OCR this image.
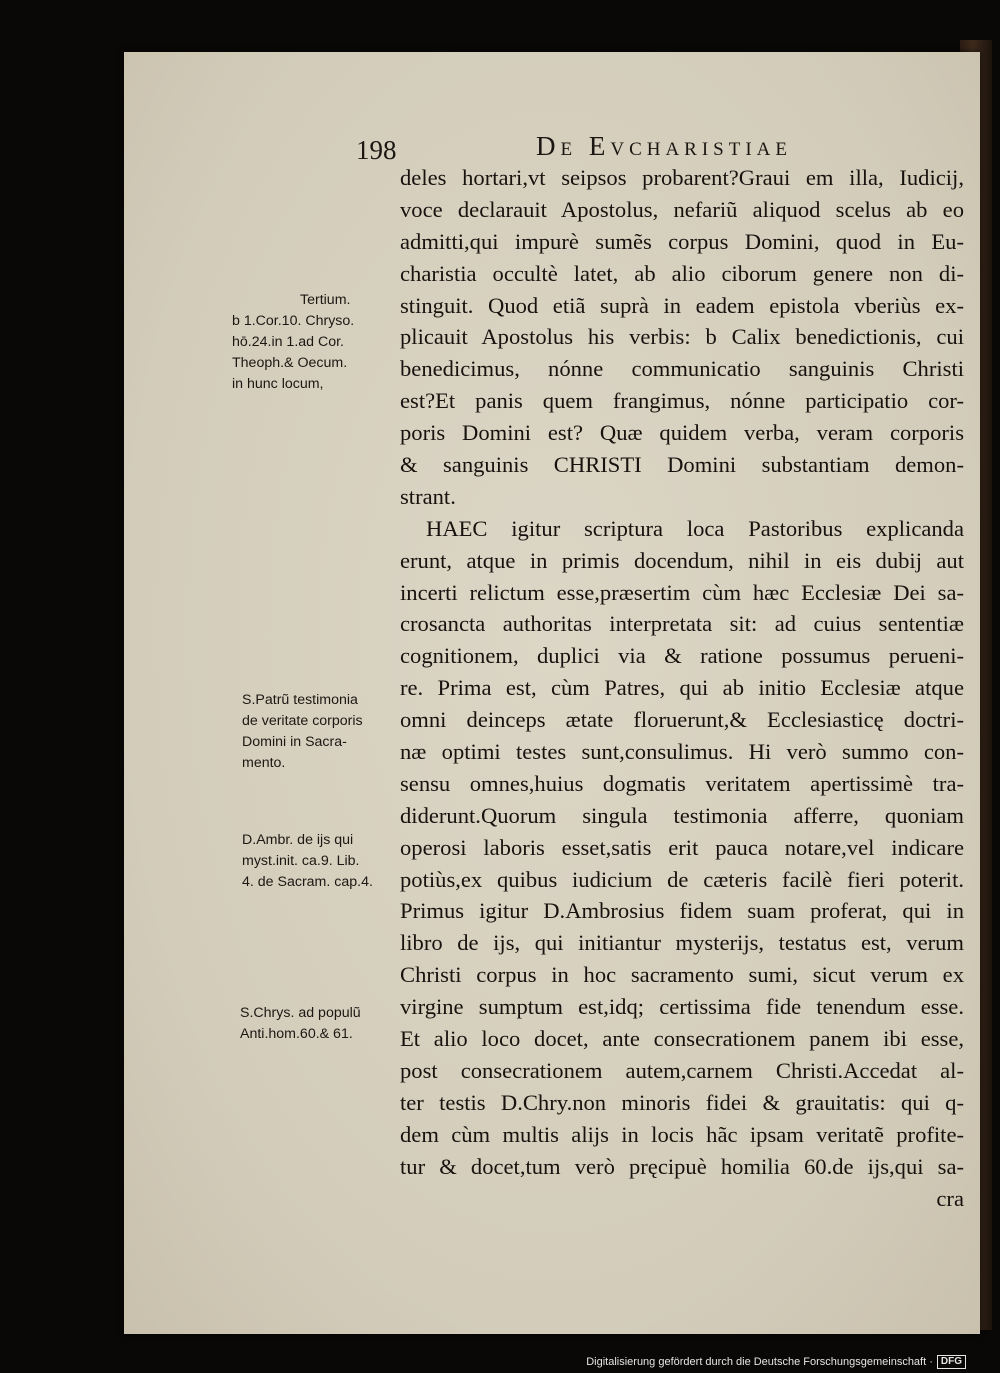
198	De Evcharistiae
deles hortari,vt seipsos probarent?Graui em illa, Iudicij,
voce declarauit Apostolus, nefariũ aliquod scelus ab eo
admitti,qui impurè sumẽs corpus Domini, quod in Eu-
charistia occultè latet, ab alio ciborum genere non di-
stinguit. Quod etiã suprà in eadem epistola vberiùs ex-
plicauit Apostolus his verbis: b Calix benedictionis, cui
benedicimus, nónne communicatio sanguinis Christi
est?Et panis quem frangimus, nónne participatio cor-
poris Domini est? Quæ quidem verba, veram corporis
& sanguinis CHRISTI Domini substantiam demon-
strant.
HAEC igitur scriptura loca Pastoribus explicanda
erunt, atque in primis docendum, nihil in eis dubij aut
incerti relictum esse,præsertim cùm hæc Ecclesiæ Dei sa-
crosancta authoritas interpretata sit: ad cuius sententiæ
cognitionem, duplici via & ratione possumus perueni-
re. Prima est, cùm Patres, qui ab initio Ecclesiæ atque
omni deinceps ætate floruerunt,& Ecclesiasticę doctri-
næ optimi testes sunt,consulimus. Hi verò summo con-
sensu omnes,huius dogmatis veritatem apertissimè tra-
diderunt.Quorum singula testimonia afferre, quoniam
operosi laboris esset,satis erit pauca notare,vel indicare
potiùs,ex quibus iudicium de cæteris facilè fieri poterit.
Primus igitur D.Ambrosius fidem suam proferat, qui in
libro de ijs, qui initiantur mysterijs, testatus est, verum
Christi corpus in hoc sacramento sumi, sicut verum ex
virgine sumptum est,idq; certissima fide tenendum esse.
Et alio loco docet, ante consecrationem panem ibi esse,
post consecrationem autem,carnem Christi.Accedat al-
ter testis D.Chry.non minoris fidei & grauitatis: qui q-
dem cùm multis alijs in locis hãc ipsam veritatẽ profite-
tur & docet,tum verò pręcipuè homilia 60.de ijs,qui sa-
cra
Tertium.
b 1.Cor.10. Chryso.
hō.24.in 1.ad Cor.
Theoph.& Oecum.
in hunc locum,
S.Patrũ testimonia
de veritate corporis
Domini in Sacra-
mento.
D.Ambr. de ijs qui
myst.init. ca.9. Lib.
4. de Sacram. cap.4.
S.Chrys. ad populũ
Anti.hom.60.& 61.
Digitalisierung gefördert durch die Deutsche Forschungsgemeinschaft · DFG
